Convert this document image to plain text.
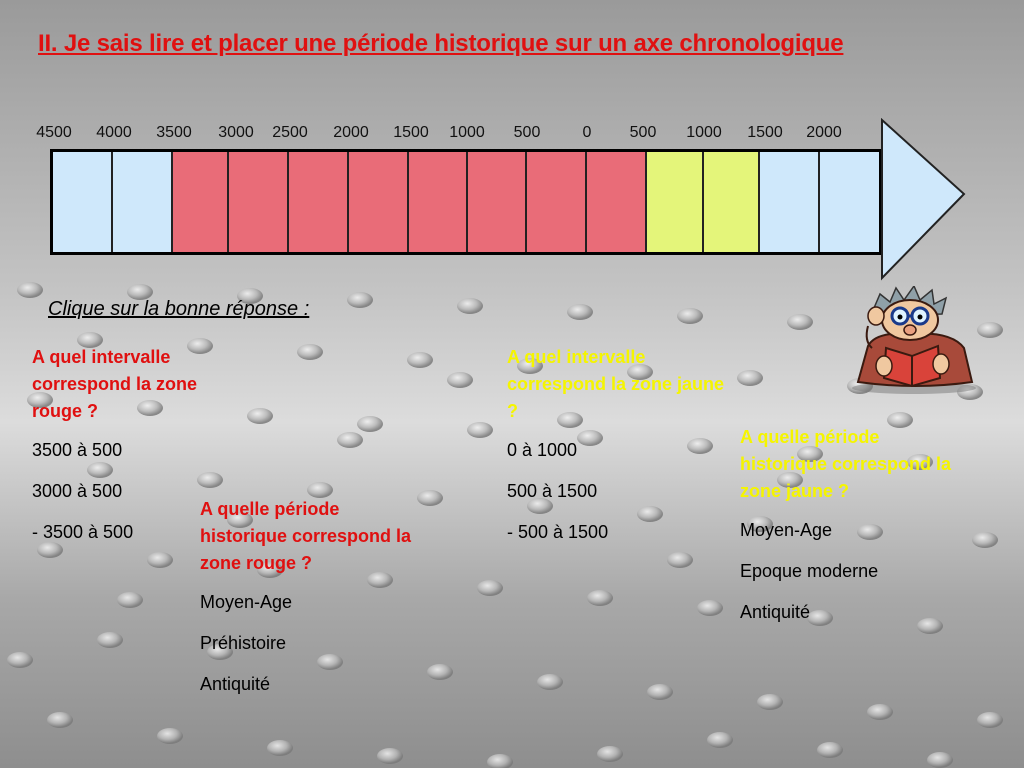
II. Je sais lire et placer une période historique sur un axe chronologique
4500 4000 3500 3000 2500 2000 1500 1000 500	0 500 1000 1500 2000
Clique sur la bonne réponse :
A quel intervalle correspond la zone rouge ?
3500 à 500
3000 à 500
- 3500 à 500
A quelle période historique correspond la zone rouge ?
Moyen-Age
Préhistoire
Antiquité
A quel intervalle correspond la zone jaune ?
0 à 1000
500 à 1500
- 500 à 1500
A quelle période historique correspond la zone jaune ?
Moyen-Age
Epoque moderne
Antiquité
